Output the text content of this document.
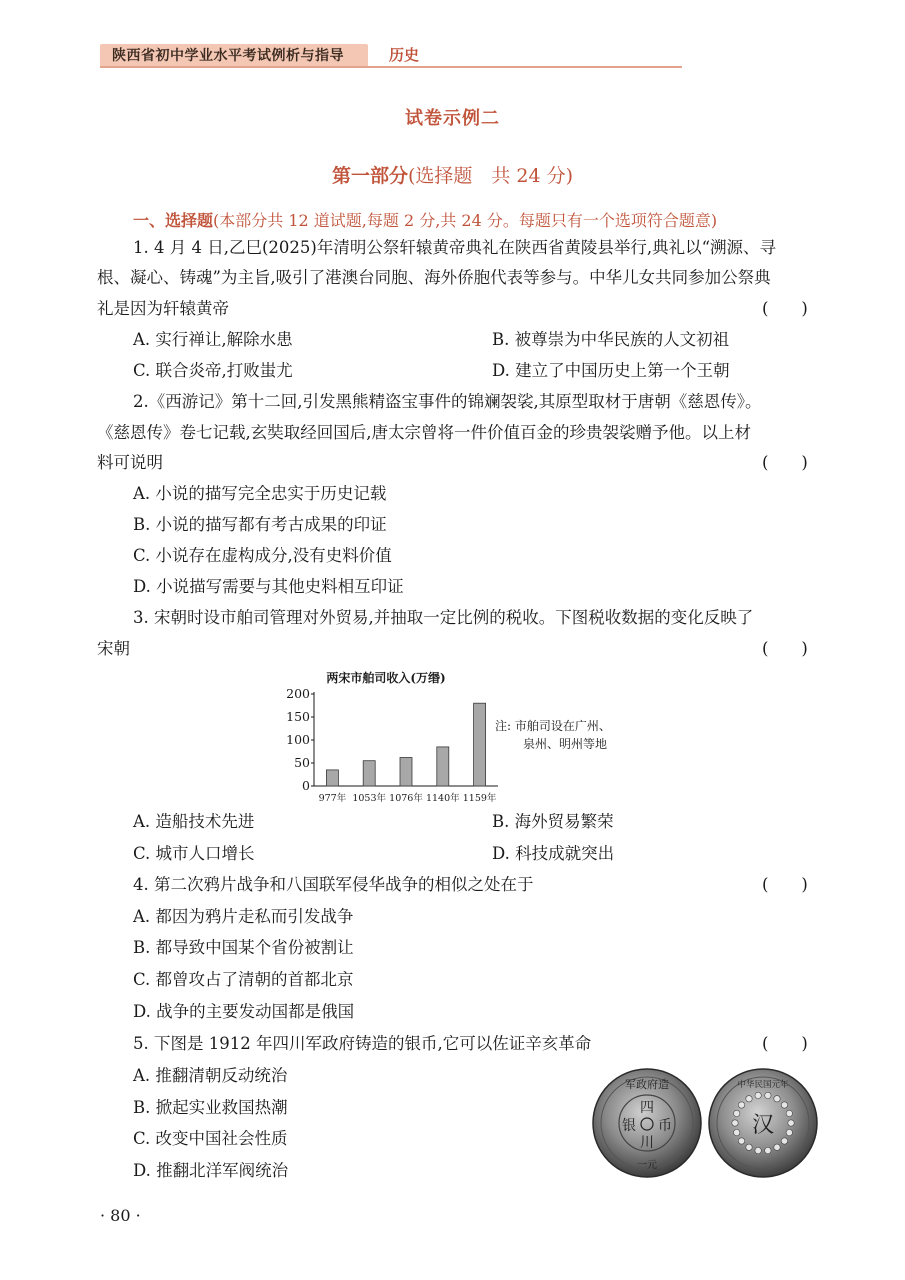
陕西省初中学业水平考试例析与指导	历史
试卷示例二
第一部分(选择题　共 24 分)
一、选择题(本部分共 12 道试题,每题 2 分,共 24 分。每题只有一个选项符合题意)
1. 4 月 4 日,乙巳(2025)年清明公祭轩辕黄帝典礼在陕西省黄陵县举行,典礼以“溯源、寻
根、凝心、铸魂”为主旨,吸引了港澳台同胞、海外侨胞代表等参与。中华儿女共同参加公祭典
礼是因为轩辕黄帝	(　　)
A. 实行禅让,解除水患	B. 被尊崇为中华民族的人文初祖
C. 联合炎帝,打败蚩尤	D. 建立了中国历史上第一个王朝
2.《西游记》第十二回,引发黑熊精盗宝事件的锦斓袈裟,其原型取材于唐朝《慈恩传》。
《慈恩传》卷七记载,玄奘取经回国后,唐太宗曾将一件价值百金的珍贵袈裟赠予他。以上材
料可说明	(　　)
A. 小说的描写完全忠实于历史记载
B. 小说的描写都有考古成果的印证
C. 小说存在虚构成分,没有史料价值
D. 小说描写需要与其他史料相互印证
3. 宋朝时设市舶司管理对外贸易,并抽取一定比例的税收。下图税收数据的变化反映了
宋朝	(　　)
两宋市舶司收入(万缗)
0
50
100
150
200
977年 1053年 1076年 1140年 1159年
注: 市舶司设在广州、
泉州、明州等地
A. 造船技术先进	B. 海外贸易繁荣
C. 城市人口增长	D. 科技成就突出
4. 第二次鸦片战争和八国联军侵华战争的相似之处在于	(　　)
A. 都因为鸦片走私而引发战争
B. 都导致中国某个省份被割让
C. 都曾攻占了清朝的首都北京
D. 战争的主要发动国都是俄国
5. 下图是 1912 年四川军政府铸造的银币,它可以佐证辛亥革命	(　　)
A. 推翻清朝反动统治
B. 掀起实业救国热潮
C. 改变中国社会性质
D. 推翻北洋军阀统治
军政府造
四
银 币
川
一元
中华民国元年
汉
· 80 ·
